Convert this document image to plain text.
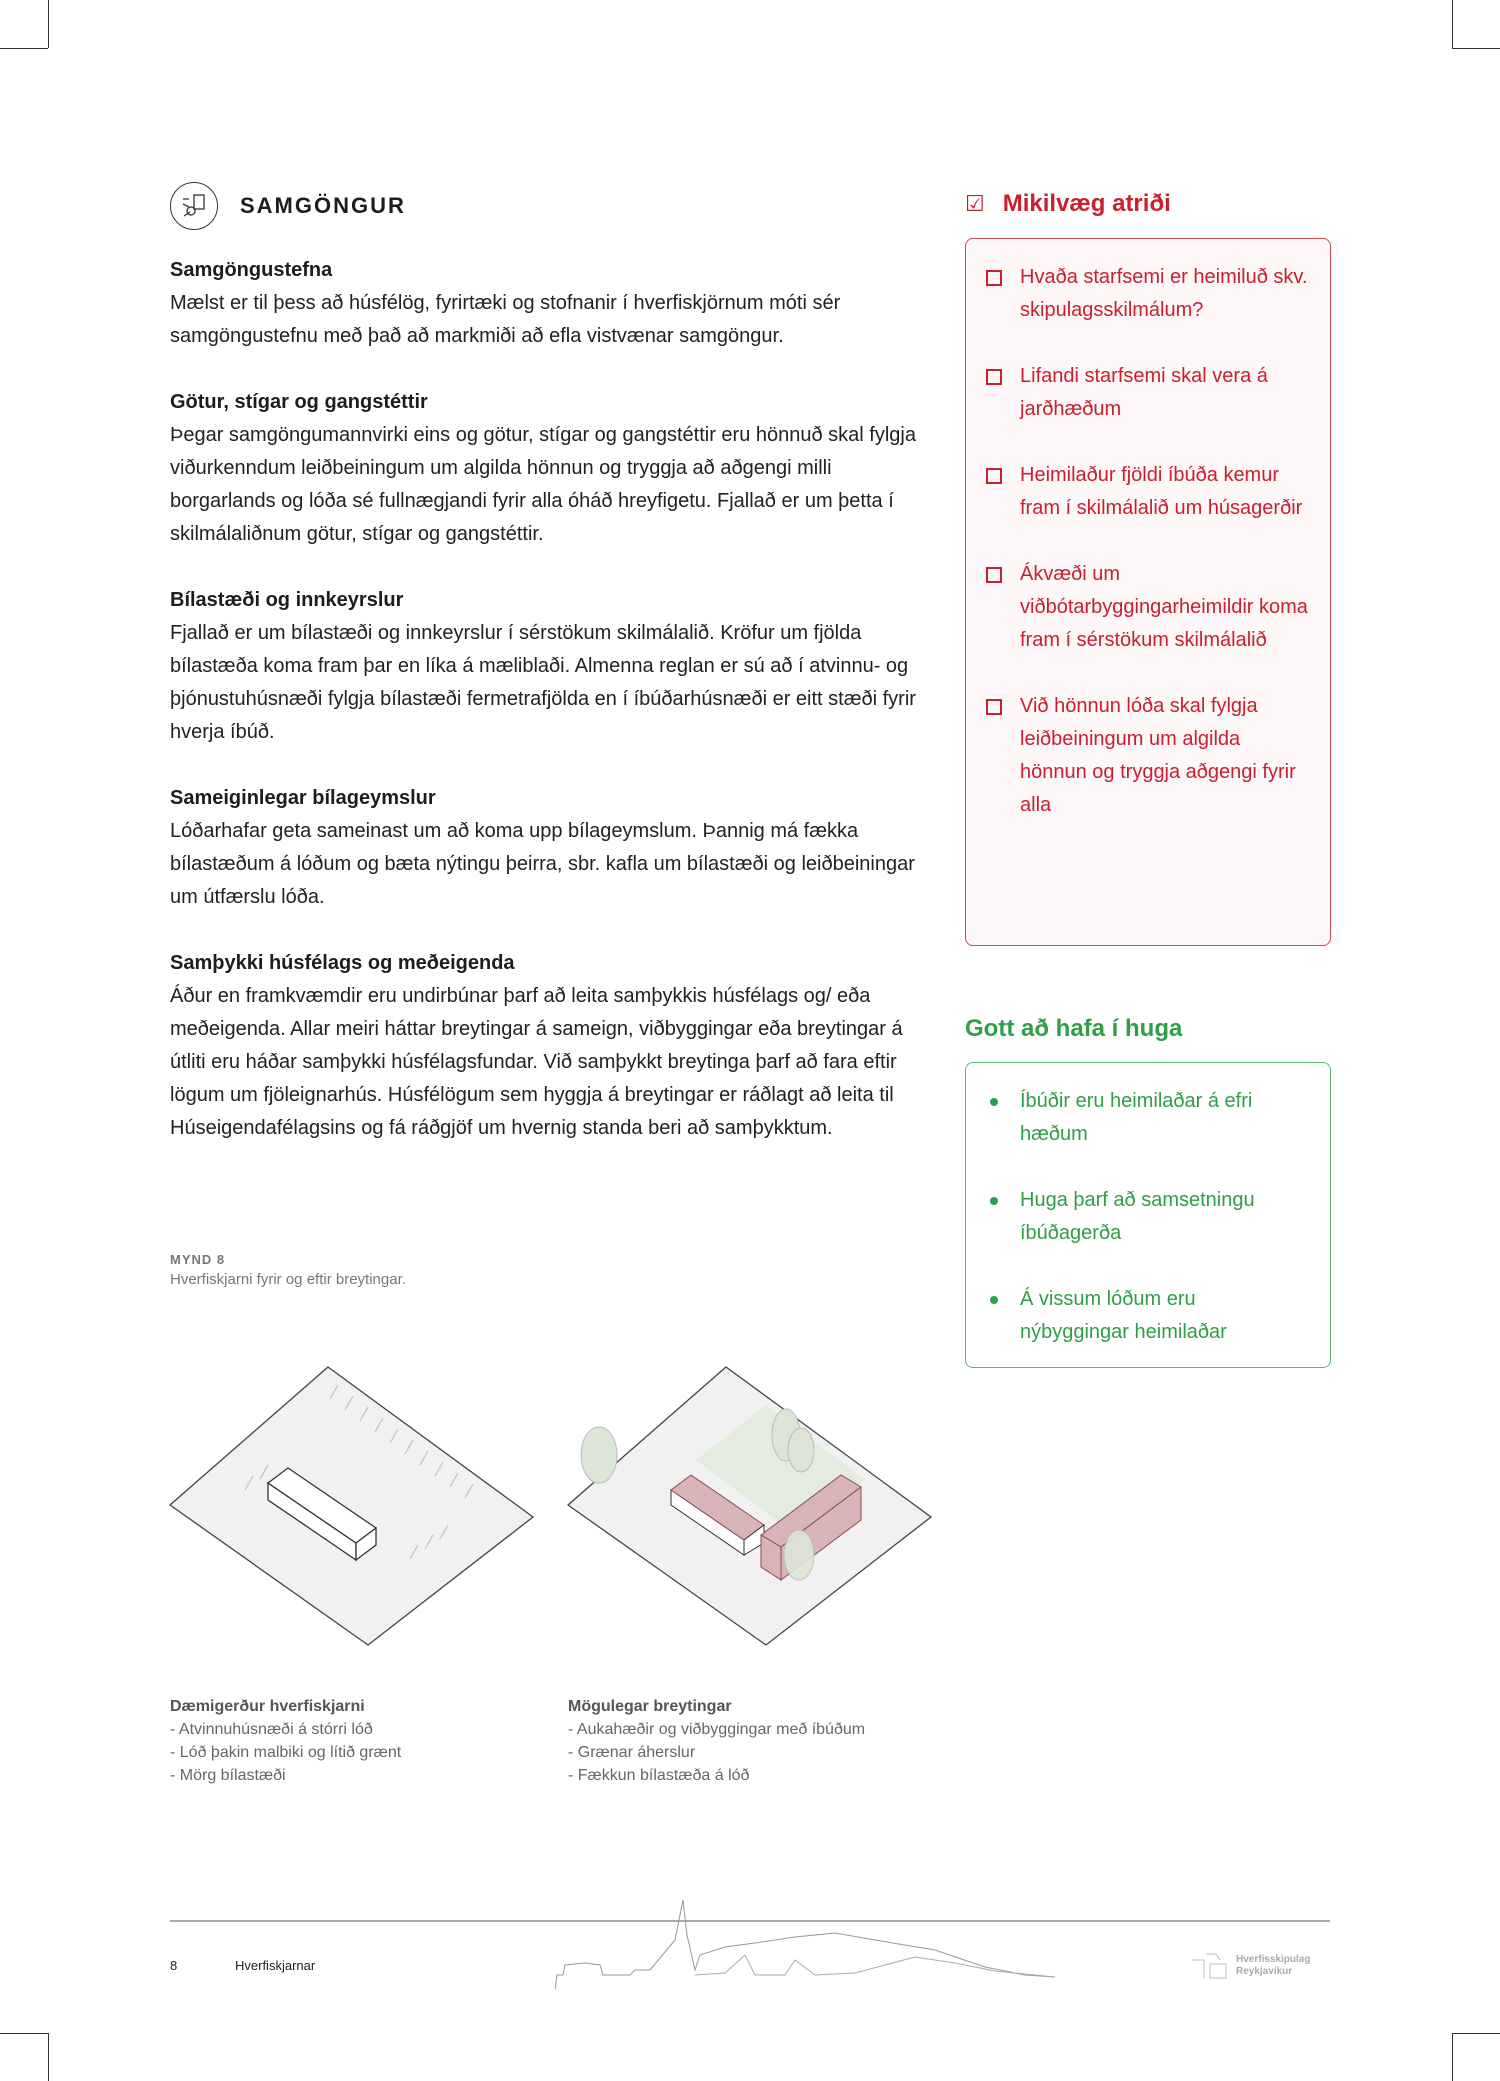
SAMGÖNGUR
Samgöngustefna

Mælst er til þess að húsfélög, fyrirtæki og stofnanir í hverfiskjörnum móti sér samgöngustefnu með það að markmiði að efla vistvænar samgöngur.

Götur, stígar og gangstéttir

Þegar samgöngumannvirki eins og götur, stígar og gangstéttir eru hönnuð skal fylgja viðurkenndum leiðbeiningum um algilda hönnun og tryggja að aðgengi milli borgarlands og lóða sé fullnægjandi fyrir alla óháð hreyfigetu. Fjallað er um þetta í skilmálaliðnum götur, stígar og gangstéttir.

Bílastæði og innkeyrslur

Fjallað er um bílastæði og innkeyrslur í sérstökum skilmálalið. Kröfur um fjölda bílastæða koma fram þar en líka á mæliblaði. Almenna reglan er sú að í atvinnu- og þjónustuhúsnæði fylgja bílastæði fermetrafjölda en í íbúðarhúsnæði er eitt stæði fyrir hverja íbúð.

Sameiginlegar bílageymslur

Lóðarhafar geta sameinast um að koma upp bílageymslum. Þannig má fækka bílastæðum á lóðum og bæta nýtingu þeirra, sbr. kafla um bílastæði og leiðbeiningar um útfærslu lóða.

Samþykki húsfélags og meðeigenda

Áður en framkvæmdir eru undirbúnar þarf að leita samþykkis húsfélags og/ eða meðeigenda. Allar meiri háttar breytingar á sameign, viðbyggingar eða breytingar á útliti eru háðar samþykki húsfélagsfundar. Við samþykkt breytinga þarf að fara eftir lögum um fjöleignarhús. Húsfélögum sem hyggja á breytingar er ráðlagt að leita til Húseigendafélagsins og fá ráðgjöf um hvernig standa beri að samþykktum.

MYND 8
Hverfiskjarni fyrir og eftir breytingar.
Dæmigerður hverfiskjarni
- Atvinnuhúsnæði á stórri lóð
- Lóð þakin malbiki og lítið grænt
- Mörg bílastæði
Mögulegar breytingar
- Aukahæðir og viðbyggingar með íbúðum
- Grænar áherslur
- Fækkun bílastæða á lóð
☑ Mikilvæg atriði
Hvaða starfsemi er heimiluð skv. skipulagsskilmálum?
Lifandi starfsemi skal vera á jarðhæðum
Heimilaður fjöldi íbúða kemur fram í skilmálalið um húsagerðir
Ákvæði um viðbótarbyggingarheimildir koma fram í sérstökum skilmálalið
Við hönnun lóða skal fylgja leiðbeiningum um algilda hönnun og tryggja aðgengi fyrir alla
Gott að hafa í huga
Íbúðir eru heimilaðar á efri hæðum
Huga þarf að samsetningu íbúðagerða
Á vissum lóðum eru nýbyggingar heimilaðar
8	Hverfiskjarnar	Hverfisskipulag
Reykjavíkur
